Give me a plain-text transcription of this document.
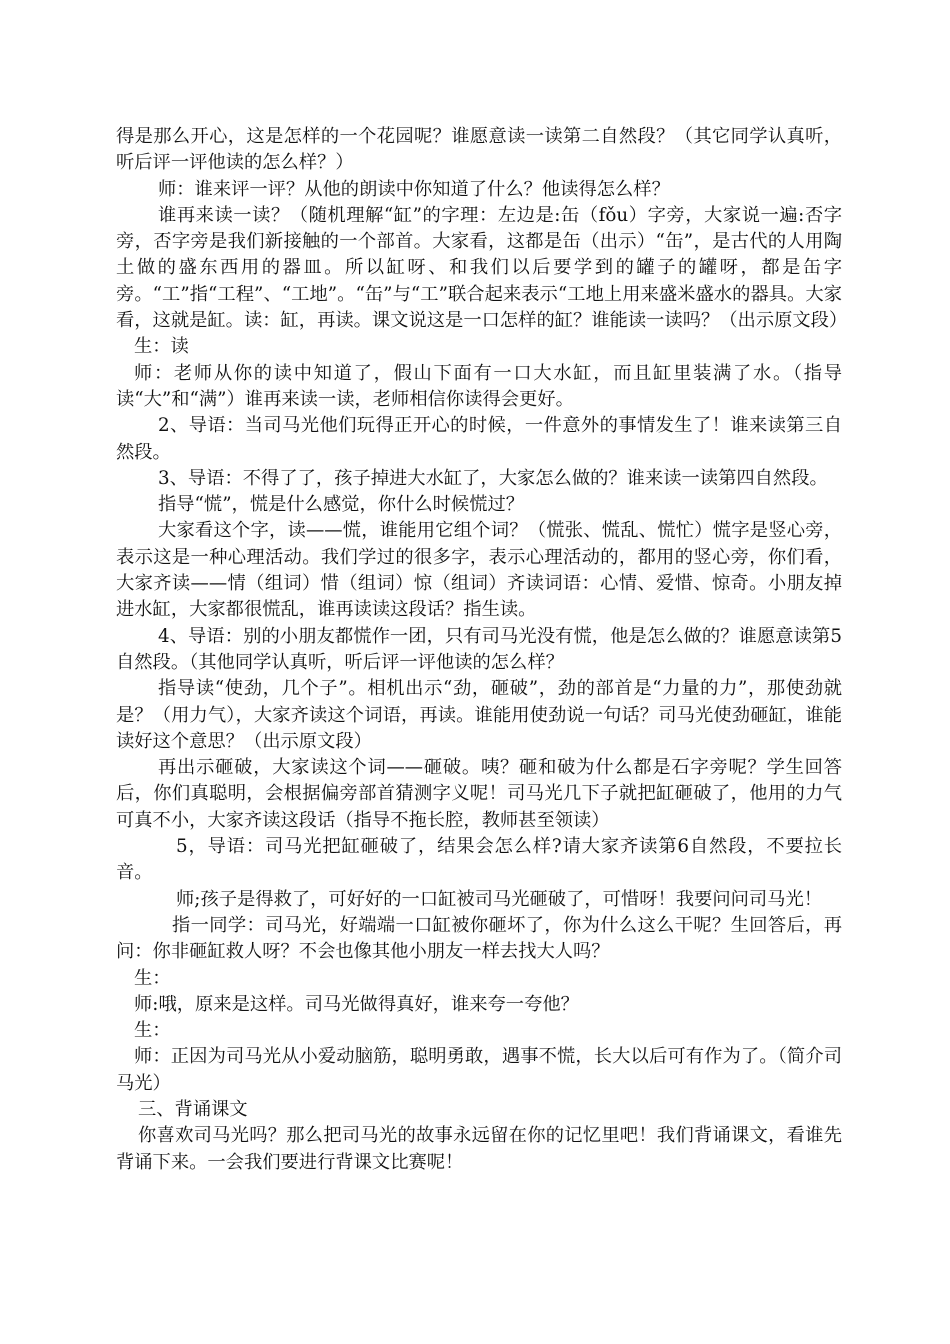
得是那么开心，这是怎样的一个花园呢？谁愿意读一读第二自然段？（其它同学认真听，听后评一评他读的怎么样？）

师：谁来评一评？从他的朗读中你知道了什么？他读得怎么样？

谁再来读一读？（随机理解“缸”的字理：左边是:缶（fǒu）字旁，大家说一遍:否字旁，否字旁是我们新接触的一个部首。大家看，这都是缶（出示）“缶”，是古代的人用陶土做的盛东西用的器皿。所以缸呀、和我们以后要学到的罐子的罐呀，都是缶字旁。“工”指“工程”、“工地”。“缶”与“工”联合起来表示“工地上用来盛米盛水的器具。大家看，这就是缸。读：缸，再读。课文说这是一口怎样的缸？谁能读一读吗？（出示原文段）

生：读

师：老师从你的读中知道了，假山下面有一口大水缸，而且缸里装满了水。（指导读“大”和“满”）谁再来读一读，老师相信你读得会更好。

2、导语：当司马光他们玩得正开心的时候，一件意外的事情发生了！谁来读第三自然段。

3、导语：不得了了，孩子掉进大水缸了，大家怎么做的？谁来读一读第四自然段。

指导“慌”，慌是什么感觉，你什么时候慌过？

大家看这个字，读——慌，谁能用它组个词？（慌张、慌乱、慌忙）慌字是竖心旁，表示这是一种心理活动。我们学过的很多字，表示心理活动的，都用的竖心旁，你们看，大家齐读——情（组词）惜（组词）惊（组词）齐读词语：心情、爱惜、惊奇。小朋友掉进水缸，大家都很慌乱，谁再读读这段话？指生读。

4、导语：别的小朋友都慌作一团，只有司马光没有慌，他是怎么做的？谁愿意读第5自然段。（其他同学认真听，听后评一评他读的怎么样？

指导读“使劲，几个子”。相机出示“劲，砸破”，劲的部首是“力量的力”，那使劲就是？（用力气），大家齐读这个词语，再读。谁能用使劲说一句话？司马光使劲砸缸，谁能读好这个意思？（出示原文段）

再出示砸破，大家读这个词——砸破。咦？砸和破为什么都是石字旁呢？学生回答后，你们真聪明，会根据偏旁部首猜测字义呢！司马光几下子就把缸砸破了，他用的力气可真不小，大家齐读这段话（指导不拖长腔，教师甚至领读）

5，导语：司马光把缸砸破了，结果会怎么样?请大家齐读第6自然段，不要拉长音。

师;孩子是得救了，可好好的一口缸被司马光砸破了，可惜呀！我要问问司马光！

指一同学：司马光，好端端一口缸被你砸坏了，你为什么这么干呢？生回答后，再问：你非砸缸救人呀？不会也像其他小朋友一样去找大人吗？

生：

师:哦，原来是这样。司马光做得真好，谁来夸一夸他？

生：

师：正因为司马光从小爱动脑筋，聪明勇敢，遇事不慌，长大以后可有作为了。（简介司马光）

三、背诵课文

你喜欢司马光吗？那么把司马光的故事永远留在你的记忆里吧！我们背诵课文，看谁先背诵下来。一会我们要进行背课文比赛呢！
